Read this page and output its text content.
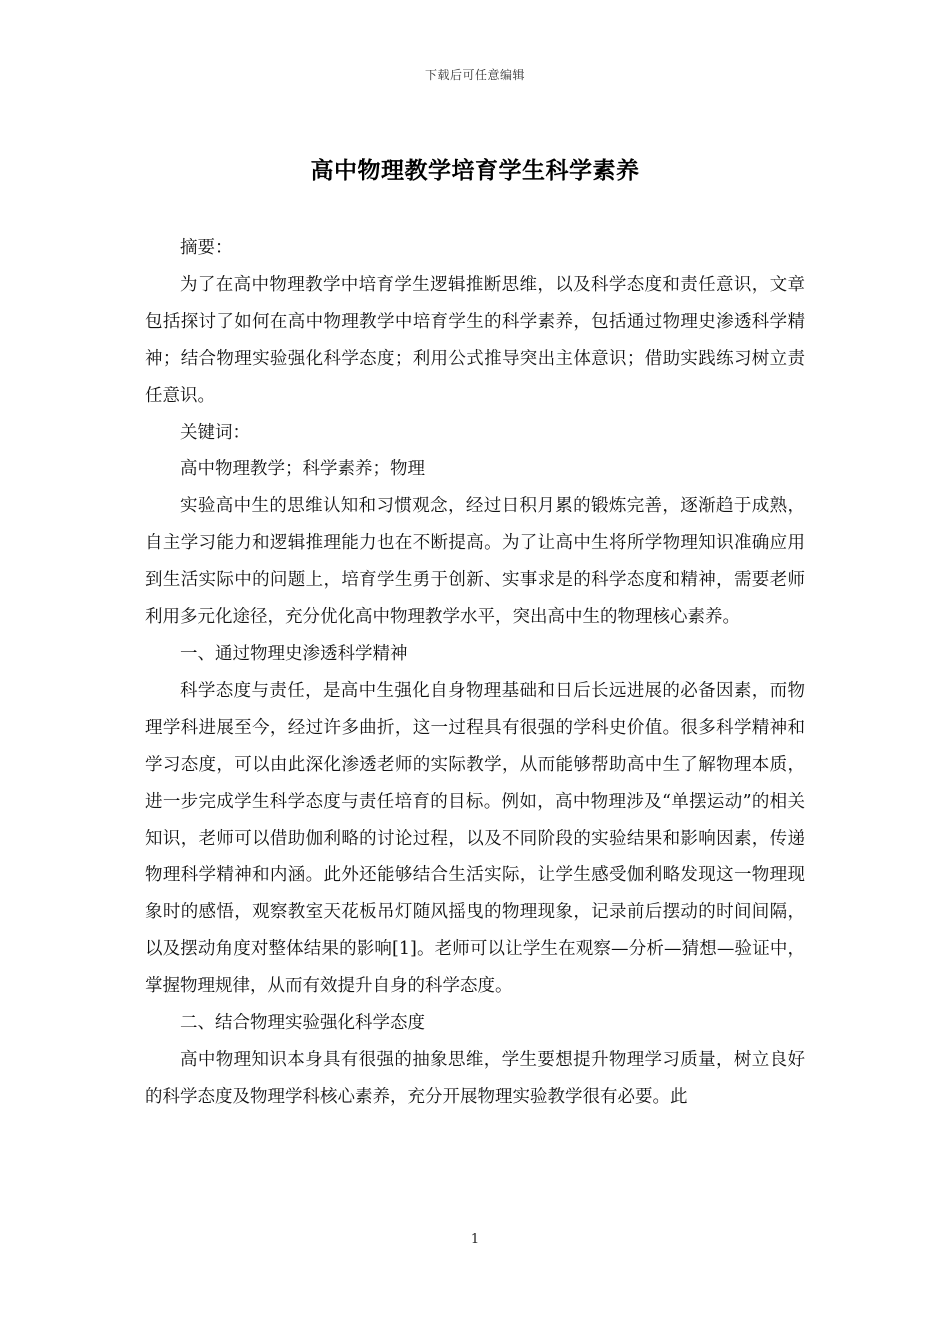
下载后可任意编辑
高中物理教学培育学生科学素养

摘要：

为了在高中物理教学中培育学生逻辑推断思维，以及科学态度和责任意识，文章包括探讨了如何在高中物理教学中培育学生的科学素养，包括通过物理史渗透科学精神；结合物理实验强化科学态度；利用公式推导突出主体意识；借助实践练习树立责任意识。

关键词：

高中物理教学；科学素养；物理

实验高中生的思维认知和习惯观念，经过日积月累的锻炼完善，逐渐趋于成熟，自主学习能力和逻辑推理能力也在不断提高。为了让高中生将所学物理知识准确应用到生活实际中的问题上，培育学生勇于创新、实事求是的科学态度和精神，需要老师利用多元化途径，充分优化高中物理教学水平，突出高中生的物理核心素养。

一、通过物理史渗透科学精神

科学态度与责任，是高中生强化自身物理基础和日后长远进展的必备因素，而物理学科进展至今，经过许多曲折，这一过程具有很强的学科史价值。很多科学精神和学习态度，可以由此深化渗透老师的实际教学，从而能够帮助高中生了解物理本质，进一步完成学生科学态度与责任培育的目标。例如，高中物理涉及“单摆运动”的相关知识，老师可以借助伽利略的讨论过程，以及不同阶段的实验结果和影响因素，传递物理科学精神和内涵。此外还能够结合生活实际，让学生感受伽利略发现这一物理现象时的感悟，观察教室天花板吊灯随风摇曳的物理现象，记录前后摆动的时间间隔，以及摆动角度对整体结果的影响[1]。老师可以让学生在观察—分析—猜想—验证中，掌握物理规律，从而有效提升自身的科学态度。

二、结合物理实验强化科学态度

高中物理知识本身具有很强的抽象思维，学生要想提升物理学习质量，树立良好的科学态度及物理学科核心素养，充分开展物理实验教学很有必要。此

1
